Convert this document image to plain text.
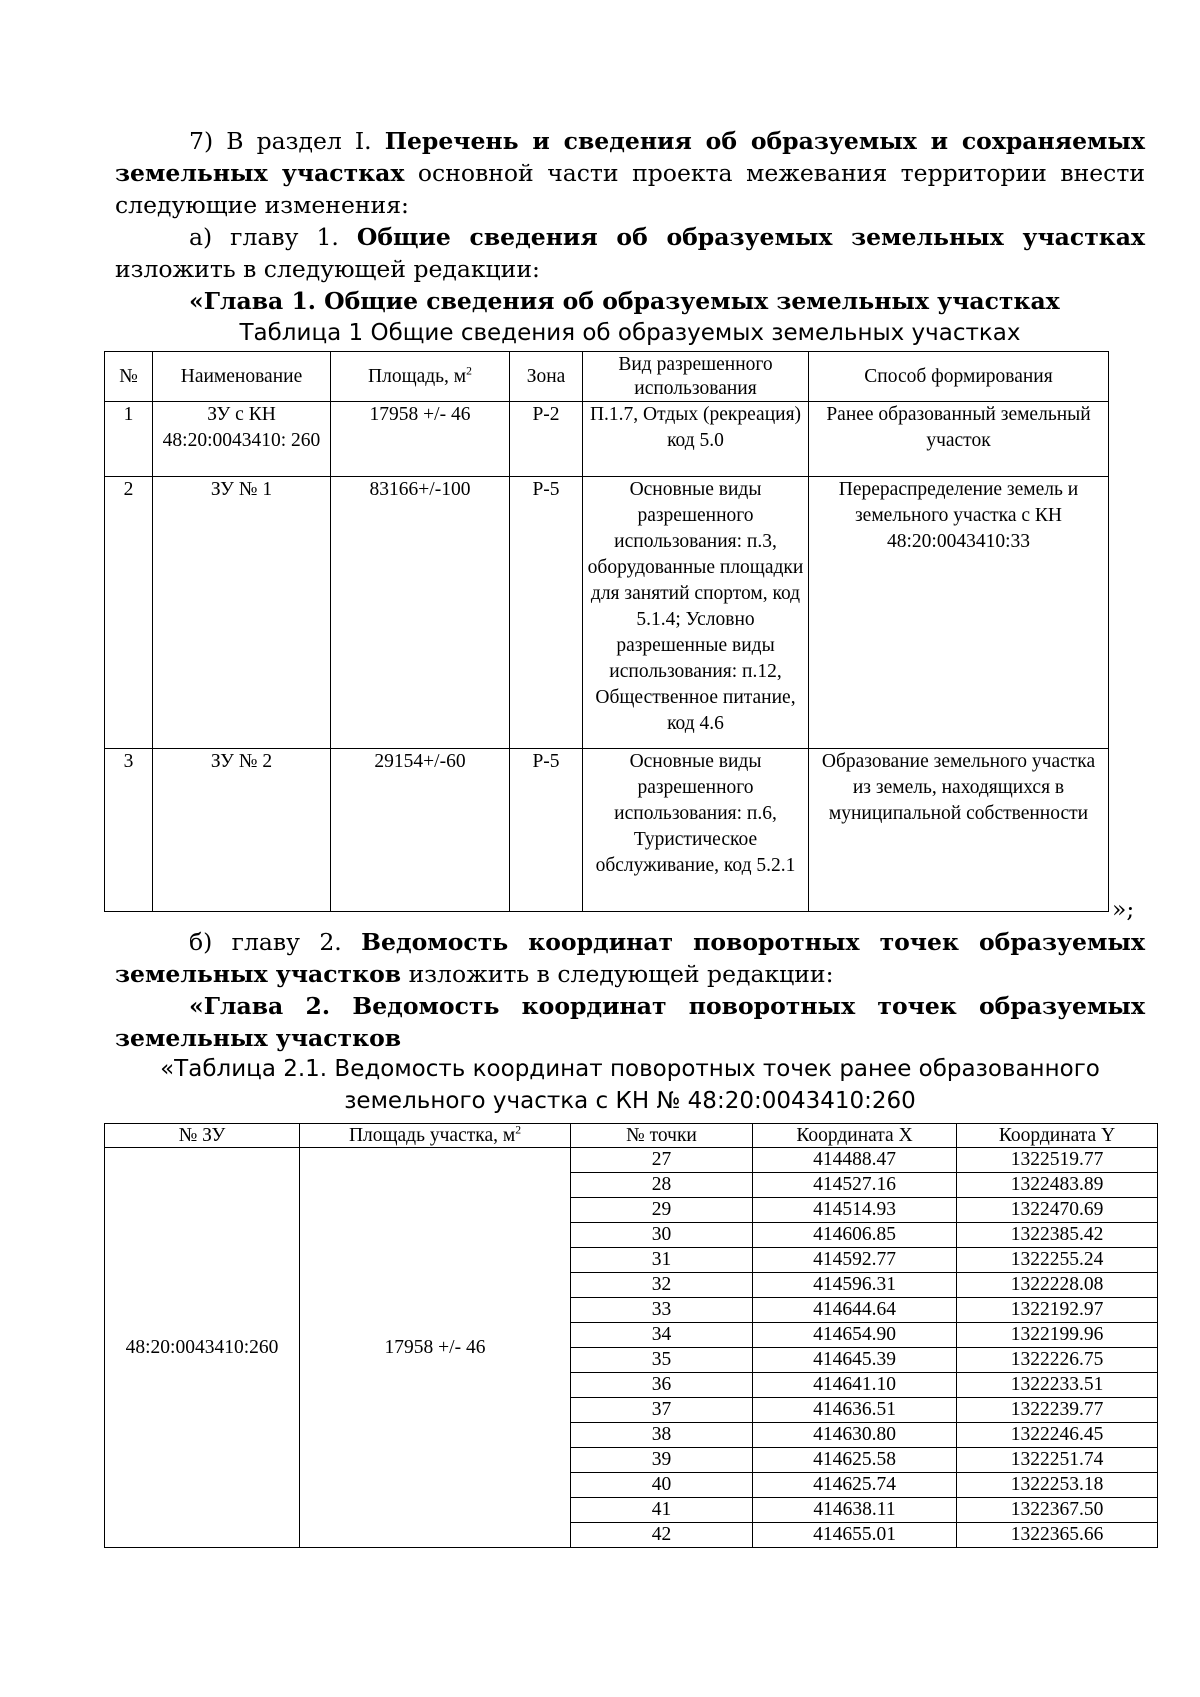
7) В раздел I. Перечень и сведения об образуемых и сохраняемых земельных участках основной части проекта межевания территории внести следующие изменения:
а) главу 1. Общие сведения об образуемых земельных участках изложить в следующей редакции:
«Глава 1. Общие сведения об образуемых земельных участках
Таблица 1 Общие сведения об образуемых земельных участках
№	Наименование	Площадь, $м^2$	Зона	Вид разрешенного использования	Способ формирования
1	ЗУ с КН 48:20:0043410: 260	17958 +/- 46	Р-2	П.1.7, Отдых (рекреация) код 5.0	Ранее образованный земельный участок
2	ЗУ № 1	83166+/-100	Р-5	Основные виды разрешенного использования: п.3, оборудованные площадки для занятий спортом, код 5.1.4; Условно разрешенные виды использования: п.12, Общественное питание, код 4.6	Перераспределение земель и земельного участка с КН 48:20:0043410:33
3	ЗУ № 2	29154+/-60	Р-5	Основные виды разрешенного использования: п.6, Туристическое обслуживание, код 5.2.1	Образование земельного участка из земель, находящихся в муниципальной собственности
»;
б) главу 2. Ведомость координат поворотных точек образуемых земельных участков изложить в следующей редакции:
«Глава 2. Ведомость координат поворотных точек образуемых земельных участков
«Таблица 2.1. Ведомость координат поворотных точек ранее образованного
земельного участка с КН № 48:20:0043410:260
№ ЗУ	Площадь участка, $м^2$	№ точки	Координата X	Координата Y
48:20:0043410:260	17958 +/- 46	27	414488.47	1322519.77
		28	414527.16	1322483.89
		29	414514.93	1322470.69
		30	414606.85	1322385.42
		31	414592.77	1322255.24
		32	414596.31	1322228.08
		33	414644.64	1322192.97
		34	414654.90	1322199.96
		35	414645.39	1322226.75
		36	414641.10	1322233.51
		37	414636.51	1322239.77
		38	414630.80	1322246.45
		39	414625.58	1322251.74
		40	414625.74	1322253.18
		41	414638.11	1322367.50
		42	414655.01	1322365.66
